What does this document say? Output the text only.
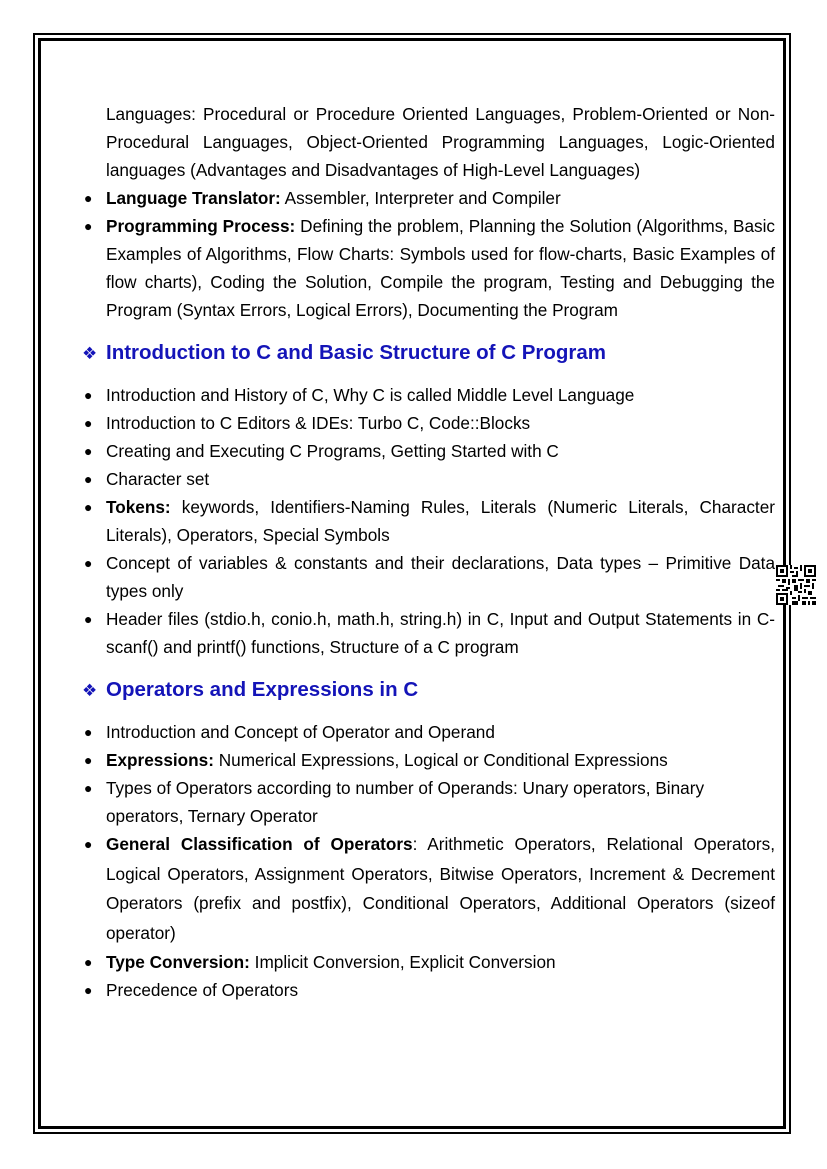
Languages: Procedural or Procedure Oriented Languages, Problem-Oriented or Non-Procedural Languages, Object-Oriented Programming Languages, Logic-Oriented languages (Advantages and Disadvantages of High-Level Languages)

● Language Translator: Assembler, Interpreter and Compiler
● Programming Process: Defining the problem, Planning the Solution (Algorithms, Basic Examples of Algorithms, Flow Charts: Symbols used for flow-charts, Basic Examples of flow charts), Coding the Solution, Compile the program, Testing and Debugging the Program (Syntax Errors, Logical Errors), Documenting the Program
❖ Introduction to C and Basic Structure of C Program
● Introduction and History of C, Why C is called Middle Level Language
● Introduction to C Editors & IDEs: Turbo C, Code::Blocks
● Creating and Executing C Programs, Getting Started with C
● Character set
● Tokens: keywords, Identifiers-Naming Rules, Literals (Numeric Literals, Character Literals), Operators, Special Symbols
● Concept of variables & constants and their declarations, Data types – Primitive Data types only
● Header files (stdio.h, conio.h, math.h, string.h) in C, Input and Output Statements in C-scanf() and printf() functions, Structure of a C program
❖ Operators and Expressions in C
● Introduction and Concept of Operator and Operand
● Expressions: Numerical Expressions, Logical or Conditional Expressions
● Types of Operators according to number of Operands: Unary operators, Binary operators, Ternary Operator
● General Classification of Operators: Arithmetic Operators, Relational Operators, Logical Operators, Assignment Operators, Bitwise Operators, Increment & Decrement Operators (prefix and postfix), Conditional Operators, Additional Operators (sizeof operator)
● Type Conversion: Implicit Conversion, Explicit Conversion
● Precedence of Operators
